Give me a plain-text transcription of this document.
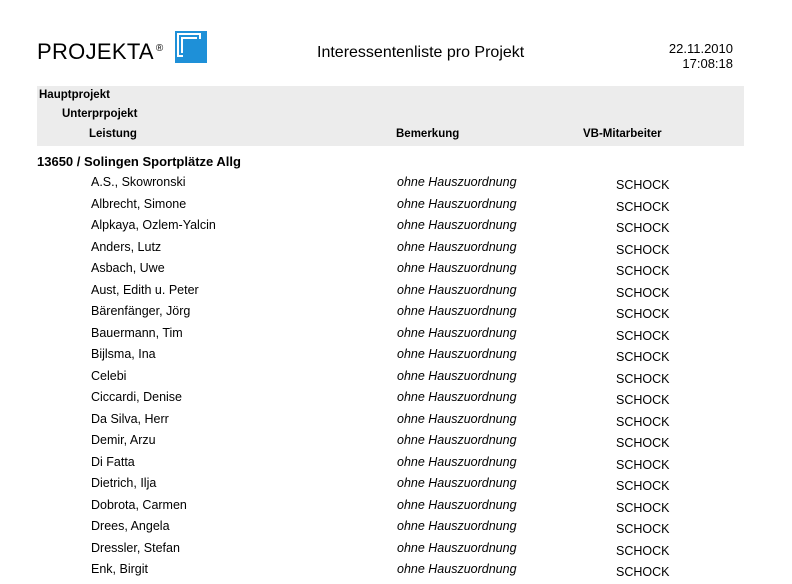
PROJEKTA ®	Interessentenliste pro Projekt	22.11.2010
17:08:18
Hauptprojekt
Unterprpojekt
Leistung	Bemerkung	VB-Mitarbeiter
13650 / Solingen Sportplätze Allg
A.S., Skowronski	ohne Hauszuordnung	SCHOCK
Albrecht, Simone	ohne Hauszuordnung	SCHOCK
Alpkaya, Ozlem-Yalcin	ohne Hauszuordnung	SCHOCK
Anders, Lutz	ohne Hauszuordnung	SCHOCK
Asbach, Uwe	ohne Hauszuordnung	SCHOCK
Aust, Edith u. Peter	ohne Hauszuordnung	SCHOCK
Bärenfänger, Jörg	ohne Hauszuordnung	SCHOCK
Bauermann, Tim	ohne Hauszuordnung	SCHOCK
Bijlsma, Ina	ohne Hauszuordnung	SCHOCK
Celebi	ohne Hauszuordnung	SCHOCK
Ciccardi, Denise	ohne Hauszuordnung	SCHOCK
Da Silva, Herr	ohne Hauszuordnung	SCHOCK
Demir, Arzu	ohne Hauszuordnung	SCHOCK
Di Fatta	ohne Hauszuordnung	SCHOCK
Dietrich, Ilja	ohne Hauszuordnung	SCHOCK
Dobrota, Carmen	ohne Hauszuordnung	SCHOCK
Drees, Angela	ohne Hauszuordnung	SCHOCK
Dressler, Stefan	ohne Hauszuordnung	SCHOCK
Enk, Birgit	ohne Hauszuordnung	SCHOCK
